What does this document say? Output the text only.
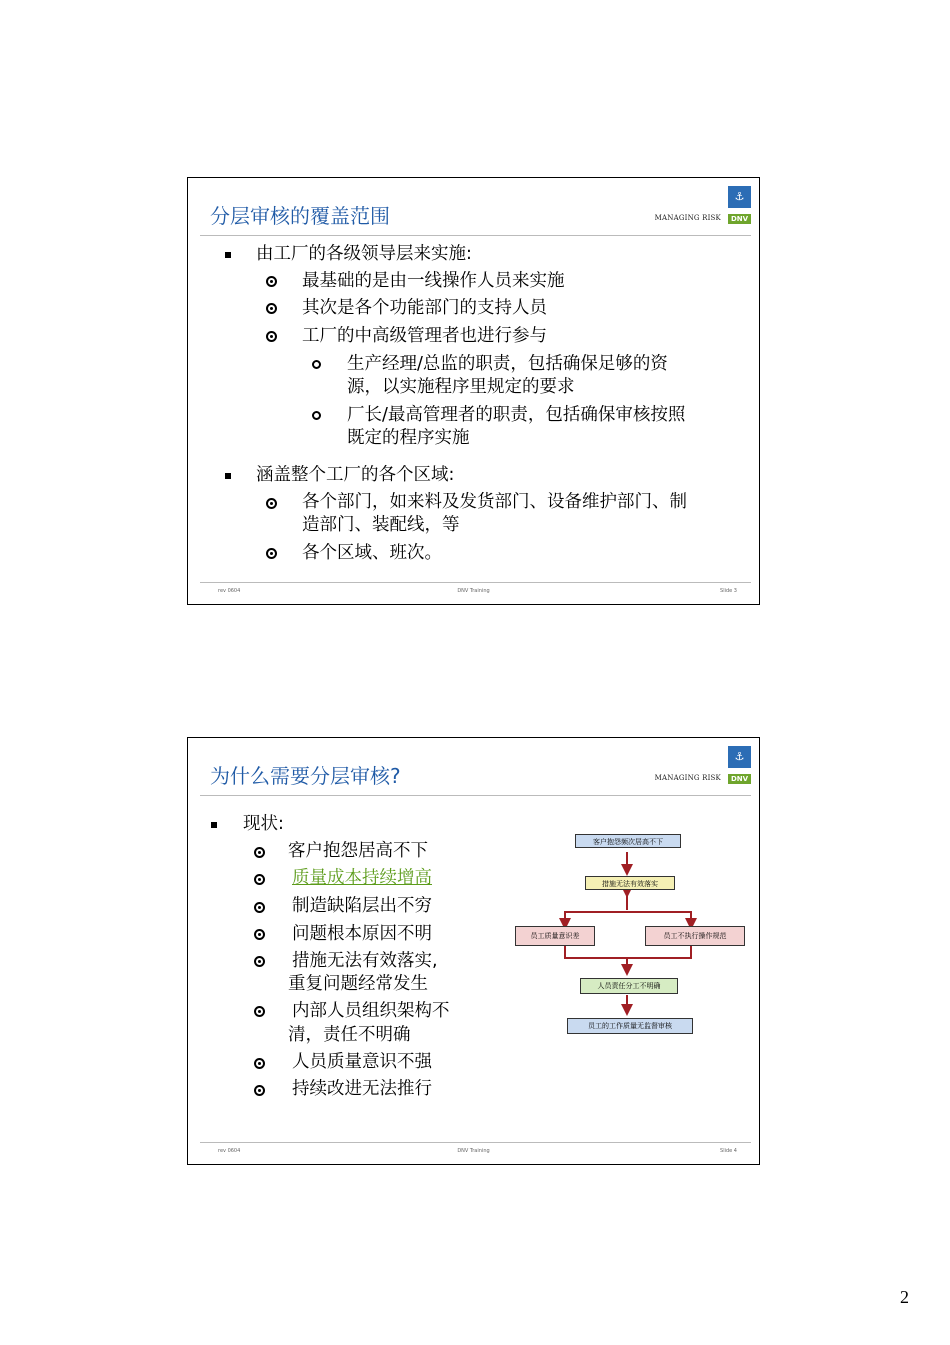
分层审核的覆盖范围
⚓
MANAGING RISK	DNV
由工厂的各级领导层来实施:
最基础的是由一线操作人员来实施
其次是各个功能部门的支持人员
工厂的中高级管理者也进行参与
生产经理/总监的职责，包括确保足够的资
源，以实施程序里规定的要求
厂长/最高管理者的职责，包括确保审核按照
既定的程序实施
涵盖整个工厂的各个区域:
各个部门，如来料及发货部门、设备维护部门、制
造部门、装配线，等
各个区域、班次。
rev 0604	DNV Training	Slide 3
为什么需要分层审核?
⚓
MANAGING RISK	DNV
现状:
客户抱怨居高不下
质量成本持续增高
制造缺陷层出不穷
问题根本原因不明
措施无法有效落实,
重复问题经常发生
内部人员组织架构不
清，责任不明确
人员质量意识不强
持续改进无法推行
客户抱怨频次居高不下
措施无法有效落实
员工质量意识差	员工不执行操作规范
人员责任分工不明确
员工的工作质量无监督审核
rev 0604	DNV Training	Slide 4
2
